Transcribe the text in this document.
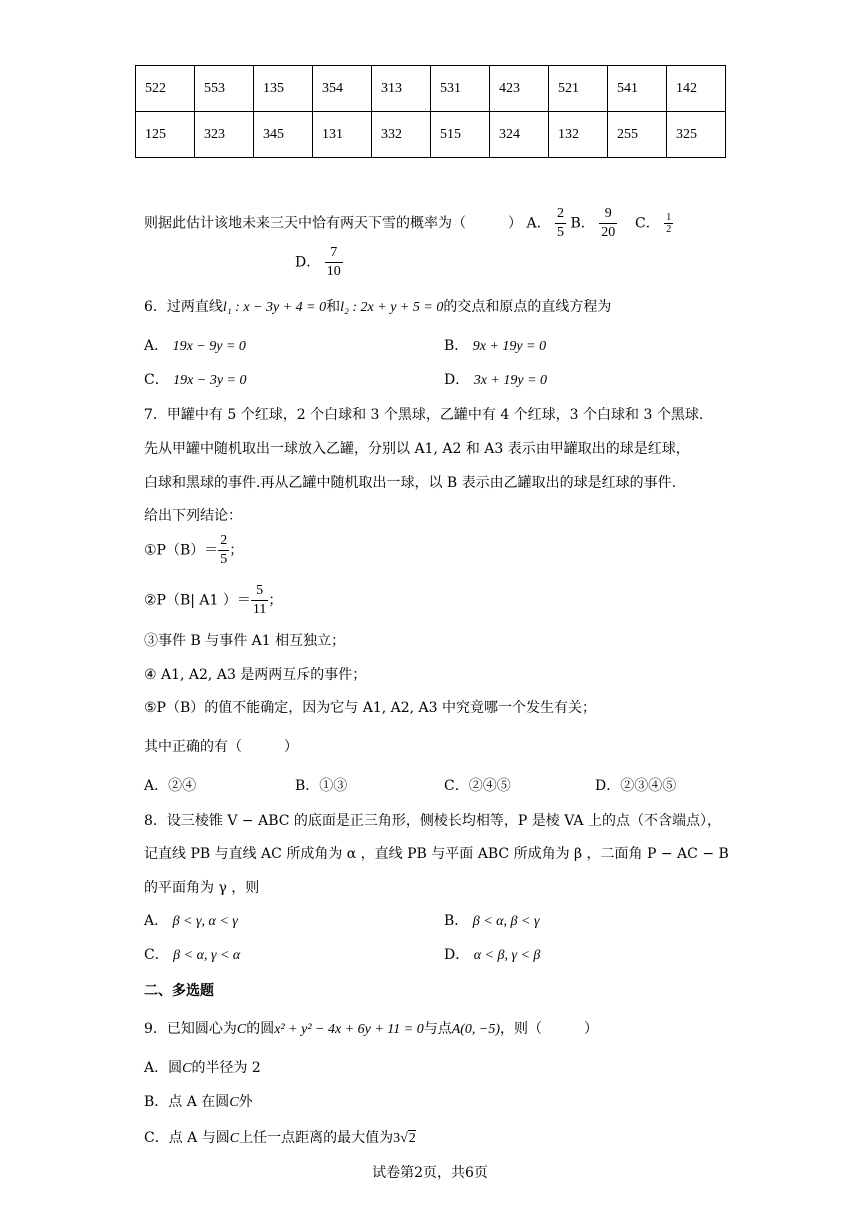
522	553	135	354	313	531	423	521	541	142
125	323	345	131	332	515	324	132	255	325
则据此估计该地未来三天中恰有两天下雪的概率为（　　　） A． $\frac{2}{5}$ B． $\frac{9}{20}$ C． $\frac{1}{2}$
D． $\frac{7}{10}$
6．过两直线l₁ : x − 3y + 4 = 0和l₂ : 2x + y + 5 = 0的交点和原点的直线方程为
A． 19x − 9y = 0	B． 9x + 19y = 0
C． 19x − 3y = 0	D． 3x + 19y = 0
7．甲罐中有 5 个红球，2 个白球和 3 个黑球，乙罐中有 4 个红球，3 个白球和 3 个黑球.
先从甲罐中随机取出一球放入乙罐，分别以 A1, A2 和 A3 表示由甲罐取出的球是红球，
白球和黑球的事件.再从乙罐中随机取出一球，以 B 表示由乙罐取出的球是红球的事件.
给出下列结论：
①P（B）＝ $\frac{2}{5}$ ；
②P（B| A1 ）＝ $\frac{5}{11}$ ；
③事件 B 与事件 A1 相互独立；
④ A1, A2, A3 是两两互斥的事件；
⑤P（B）的值不能确定，因为它与 A1, A2, A3 中究竟哪一个发生有关；
其中正确的有（　　　）
A．②④	B．①③	C．②④⑤	D．②③④⑤
8．设三棱锥 V − ABC 的底面是正三角形，侧棱长均相等，P 是棱 VA 上的点（不含端点），
记直线 PB 与直线 AC 所成角为 α ，直线 PB 与平面 ABC 所成角为 β ，二面角 P − AC − B
的平面角为 γ ，则
A． β < γ, α < γ	B． β < α, β < γ
C． β < α, γ < α	D． α < β, γ < β
二、多选题
9．已知圆心为C的圆x² + y² − 4x + 6y + 11 = 0与点A(0, −5)，则（　　　）
A．圆C的半径为 2
B．点 A 在圆C外
C．点 A 与圆C上任一点距离的最大值为3√2
试卷第2页，共6页
